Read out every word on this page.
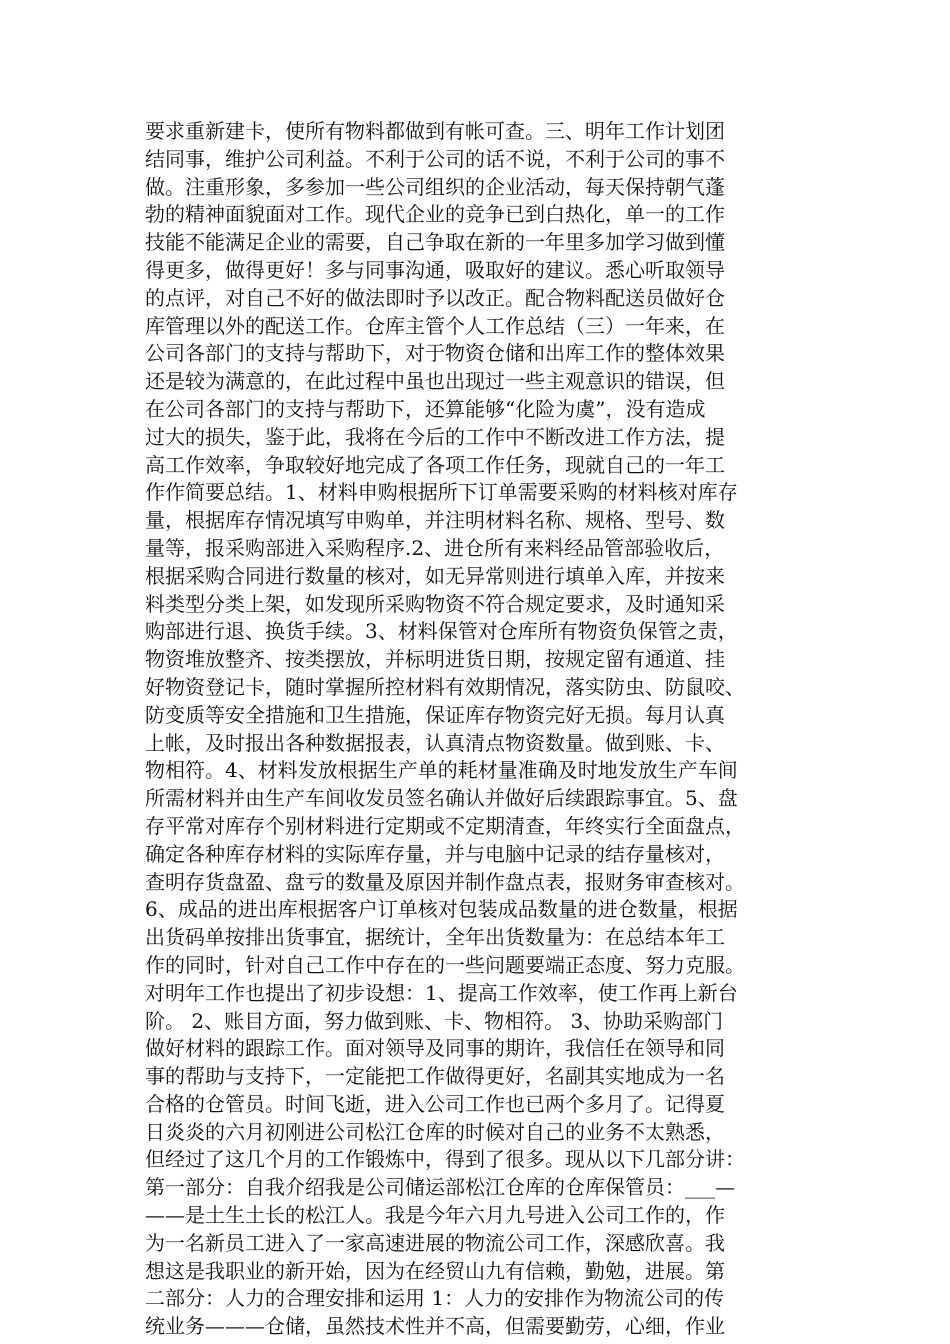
要求重新建卡，使所有物料都做到有帐可查。三、明年工作计划团
结同事，维护公司利益。不利于公司的话不说，不利于公司的事不
做。注重形象，多参加一些公司组织的企业活动，每天保持朝气蓬
勃的精神面貌面对工作。现代企业的竞争已到白热化，单一的工作
技能不能满足企业的需要，自己争取在新的一年里多加学习做到懂
得更多，做得更好！多与同事沟通，吸取好的建议。悉心听取领导
的点评，对自己不好的做法即时予以改正。配合物料配送员做好仓
库管理以外的配送工作。仓库主管个人工作总结（三）一年来，在
公司各部门的支持与帮助下，对于物资仓储和出库工作的整体效果
还是较为满意的，在此过程中虽也出现过一些主观意识的错误，但
在公司各部门的支持与帮助下，还算能够“化险为虞”，没有造成
过大的损失，鉴于此，我将在今后的工作中不断改进工作方法，提
高工作效率，争取较好地完成了各项工作任务，现就自己的一年工
作作简要总结。1、材料申购根据所下订单需要采购的材料核对库存
量，根据库存情况填写申购单，并注明材料名称、规格、型号、数
量等，报采购部进入采购程序.2、进仓所有来料经品管部验收后，
根据采购合同进行数量的核对，如无异常则进行填单入库，并按来
料类型分类上架，如发现所采购物资不符合规定要求，及时通知采
购部进行退、换货手续。3、材料保管对仓库所有物资负保管之责，
物资堆放整齐、按类摆放，并标明进货日期，按规定留有通道、挂
好物资登记卡，随时掌握所控材料有效期情况，落实防虫、防鼠咬、
防变质等安全措施和卫生措施，保证库存物资完好无损。每月认真
上帐，及时报出各种数据报表，认真清点物资数量。做到账、卡、
物相符。4、材料发放根据生产单的耗材量准确及时地发放生产车间
所需材料并由生产车间收发员签名确认并做好后续跟踪事宜。5、盘
存平常对库存个别材料进行定期或不定期清查，年终实行全面盘点，
确定各种库存材料的实际库存量，并与电脑中记录的结存量核对，
查明存货盘盈、盘亏的数量及原因并制作盘点表，报财务审查核对。
6、成品的进出库根据客户订单核对包装成品数量的进仓数量，根据
出货码单按排出货事宜，据统计，全年出货数量为：在总结本年工
作的同时，针对自己工作中存在的一些问题要端正态度、努力克服。
对明年工作也提出了初步设想：1、提高工作效率，使工作再上新台
阶。 2、账目方面，努力做到账、卡、物相符。 3、协助采购部门
做好材料的跟踪工作。面对领导及同事的期许，我信任在领导和同
事的帮助与支持下，一定能把工作做得更好，名副其实地成为一名
合格的仓管员。时间飞逝，进入公司工作也已两个多月了。记得夏
日炎炎的六月初刚进公司松江仓库的时候对自己的业务不太熟悉，
但经过了这几个月的工作锻炼中，得到了很多。现从以下几部分讲：
第一部分：自我介绍我是公司储运部松江仓库的仓库保管员：___—
——是土生土长的松江人。我是今年六月九号进入公司工作的，作
为一名新员工进入了一家高速进展的物流公司工作，深感欣喜。我
想这是我职业的新开始，因为在经贸山九有信赖，勤勉，进展。第
二部分：人力的合理安排和运用 1：人力的安排作为物流公司的传
统业务———仓储，虽然技术性并不高，但需要勤劳，心细，作业
